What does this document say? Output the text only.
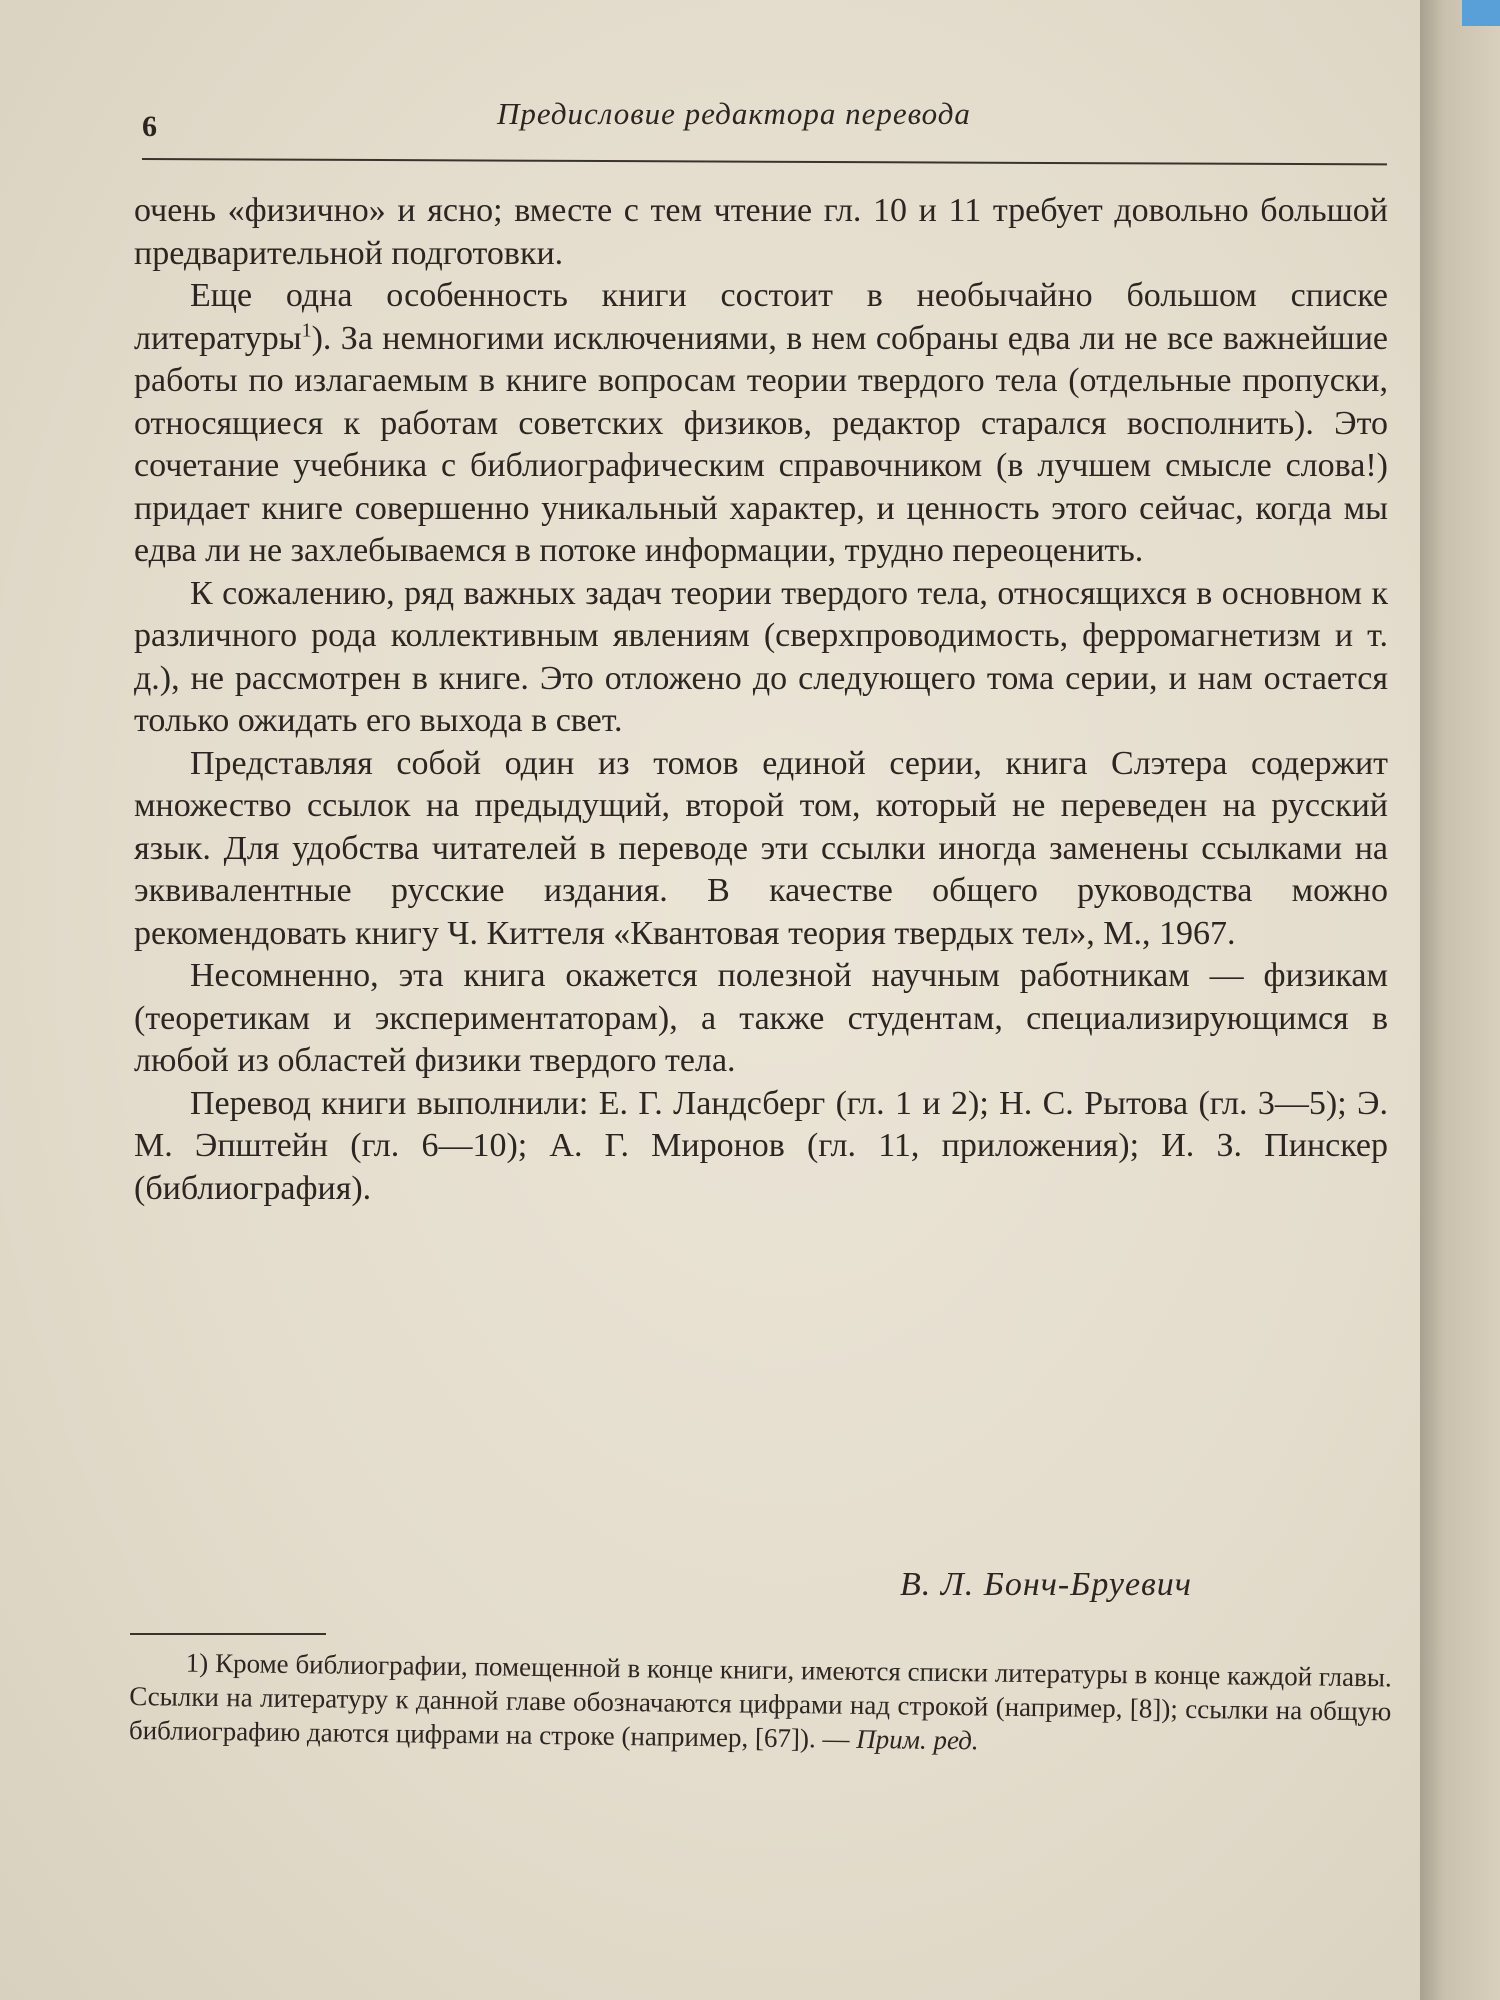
6	Предисловие редактора перевода

очень «физично» и ясно; вместе с тем чтение гл. 10 и 11 требует довольно большой предварительной подготовки.

Еще одна особенность книги состоит в необычайно большом списке литературы$^1$). За немногими исключениями, в нем собраны едва ли не все важнейшие работы по излагаемым в книге вопросам теории твердого тела (отдельные пропуски, относящиеся к работам советских физиков, редактор старался восполнить). Это сочетание учебника с библиографическим справочником (в лучшем смысле слова!) придает книге совершенно уникальный характер, и ценность этого сейчас, когда мы едва ли не захлебываемся в потоке информации, трудно переоценить.

К сожалению, ряд важных задач теории твердого тела, относящихся в основном к различного рода коллективным явлениям (сверхпроводимость, ферромагнетизм и т. д.), не рассмотрен в книге. Это отложено до следующего тома серии, и нам остается только ожидать его выхода в свет.

Представляя собой один из томов единой серии, книга Слэтера содержит множество ссылок на предыдущий, второй том, который не переведен на русский язык. Для удобства читателей в переводе эти ссылки иногда заменены ссылками на эквивалентные русские издания. В качестве общего руководства можно рекомендовать книгу Ч. Киттеля «Квантовая теория твердых тел», М., 1967.

Несомненно, эта книга окажется полезной научным работникам — физикам (теоретикам и экспериментаторам), а также студентам, специализирующимся в любой из областей физики твердого тела.

Перевод книги выполнили: Е. Г. Ландсберг (гл. 1 и 2); Н. С. Рытова (гл. 3—5); Э. М. Эпштейн (гл. 6—10); А. Г. Миронов (гл. 11, приложения); И. З. Пинскер (библиография).

В. Л. Бонч-Бруевич

1) Кроме библиографии, помещенной в конце книги, имеются списки литературы в конце каждой главы. Ссылки на литературу к данной главе обозначаются цифрами над строкой (например, [8]); ссылки на общую библиографию даются цифрами на строке (например, [67]). — Прим. ред.
